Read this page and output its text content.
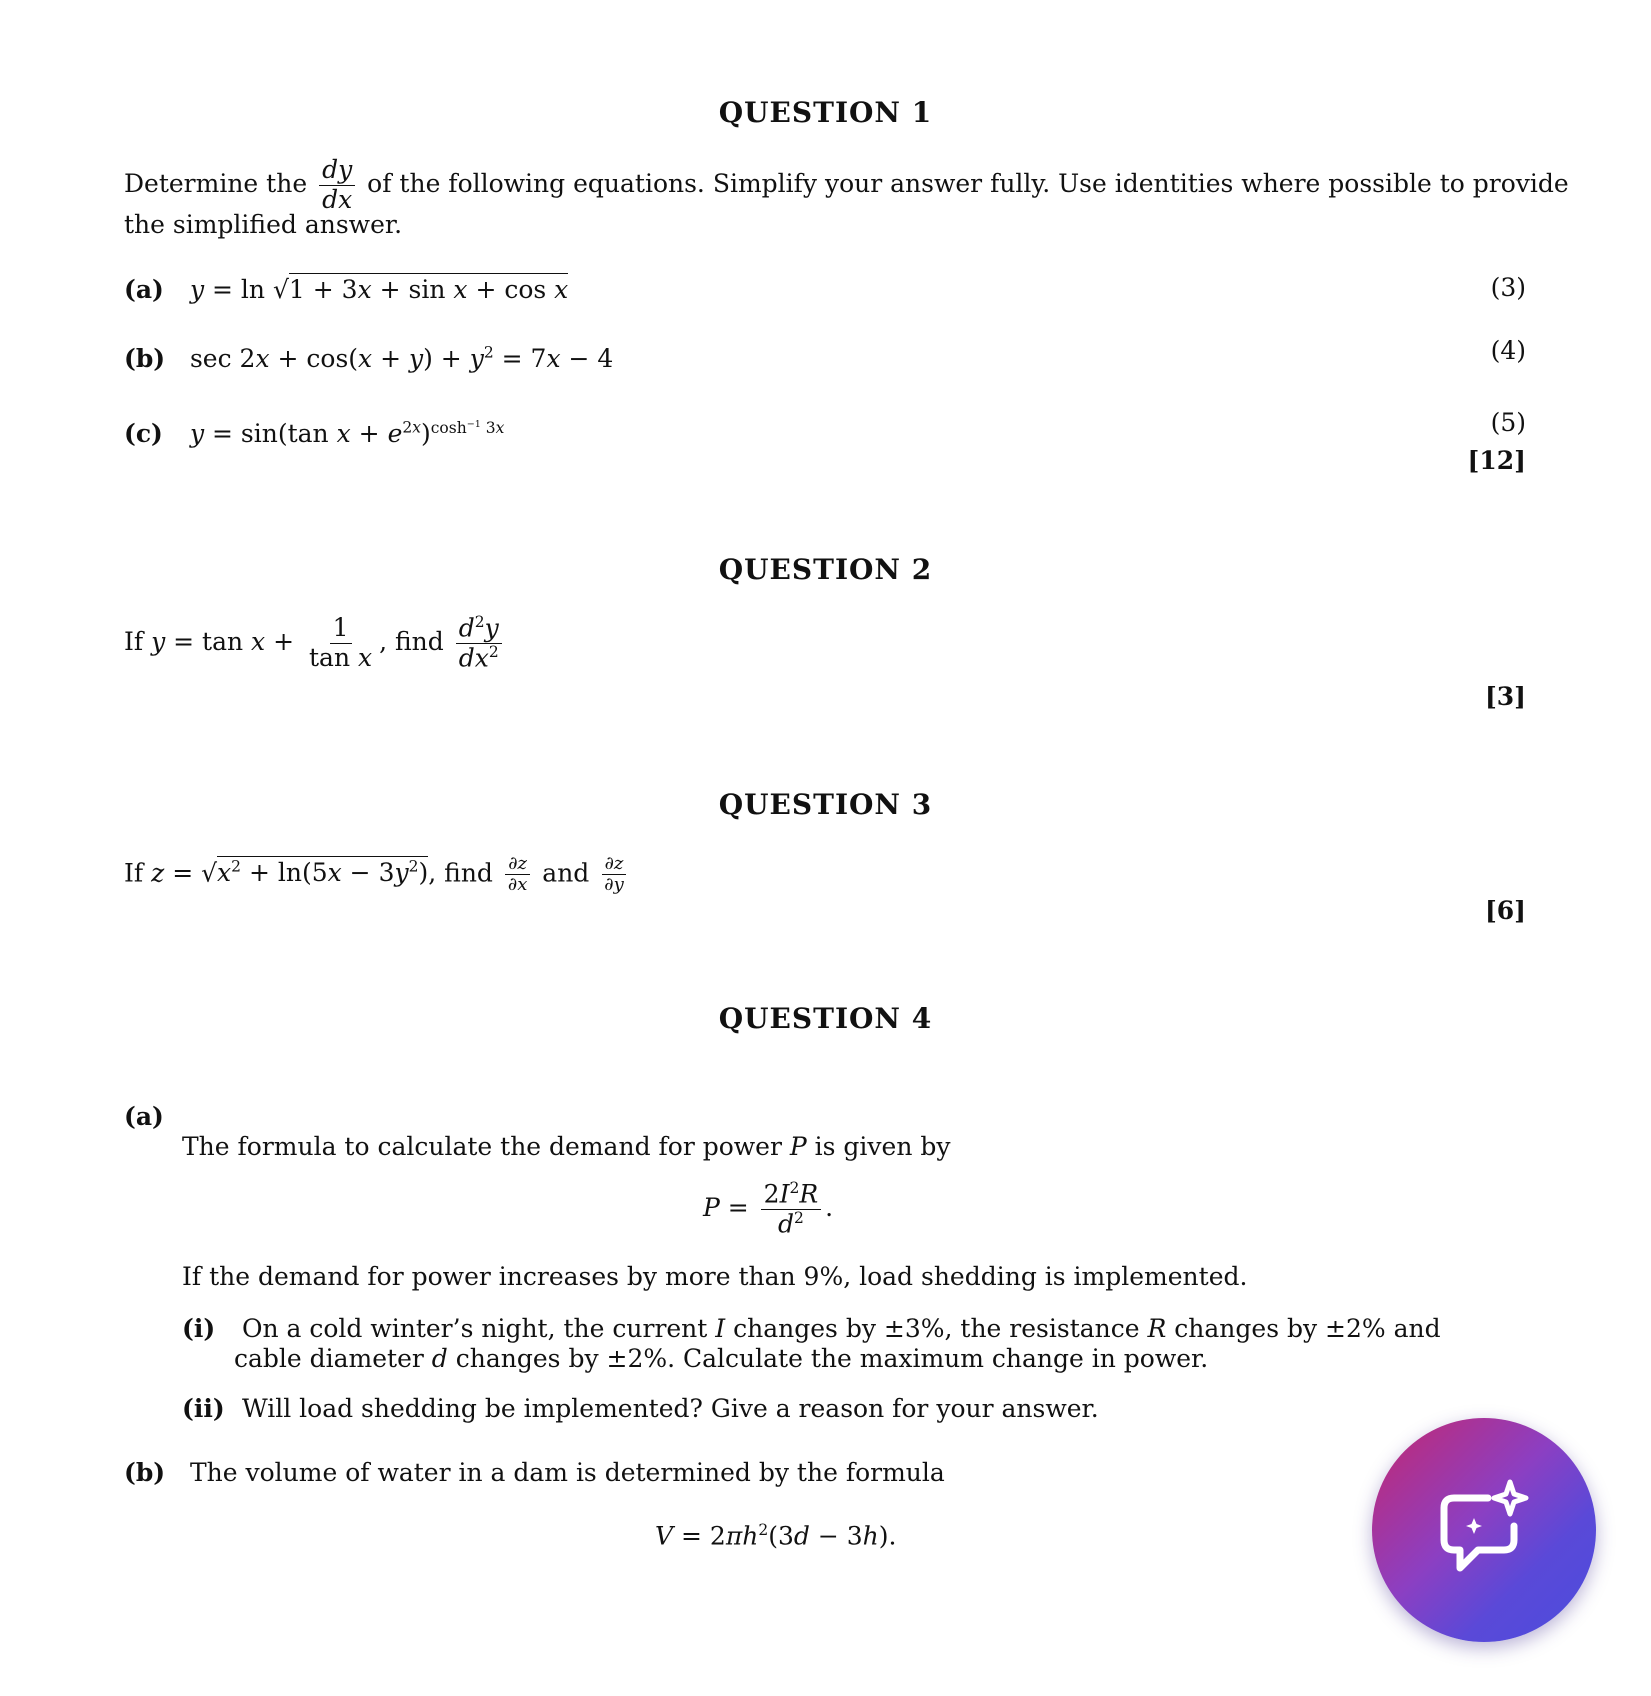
QUESTION 1
Determine the $\frac{dy}{dx}$ of the following equations. Simplify your answer fully. Use identities where possible to provide
the simplified answer.
(a) y = ln √1 + 3x + sin x + cos x	(3)
(b) $\sec 2x + \cos(x + y) + y^2 = 7x - 4$	(4)
(c) y = sin(tan $x + e^{2x})^{cosh^{-1} 3x}$	(5)
[12]
QUESTION 2
If $y = \tan x + \frac{1}{\text{tan x}}$ , find $\frac{d^2y}{dx^2}$
[3]
QUESTION 3
If $z = √x^2 + \ln(5x - 3y^2)$, find $\frac{\partial z}{\partial x}$ and $\frac{\partial z}{\partial y}$
[6]
QUESTION 4
(a)
The formula to calculate the demand for power P is given by
$P = \frac{2I^2R}{d^2}$ .
If the demand for power increases by more than 9%, load shedding is implemented.
(i) On a cold winter’s night, the current I changes by ±3%, the resistance R changes by ±2% and
cable diameter d changes by ±2%. Calculate the maximum change in power.
(ii) Will load shedding be implemented? Give a reason for your answer.
(b) The volume of water in a dam is determined by the formula
$V = 2\pi h^2(3d - 3h)$.
